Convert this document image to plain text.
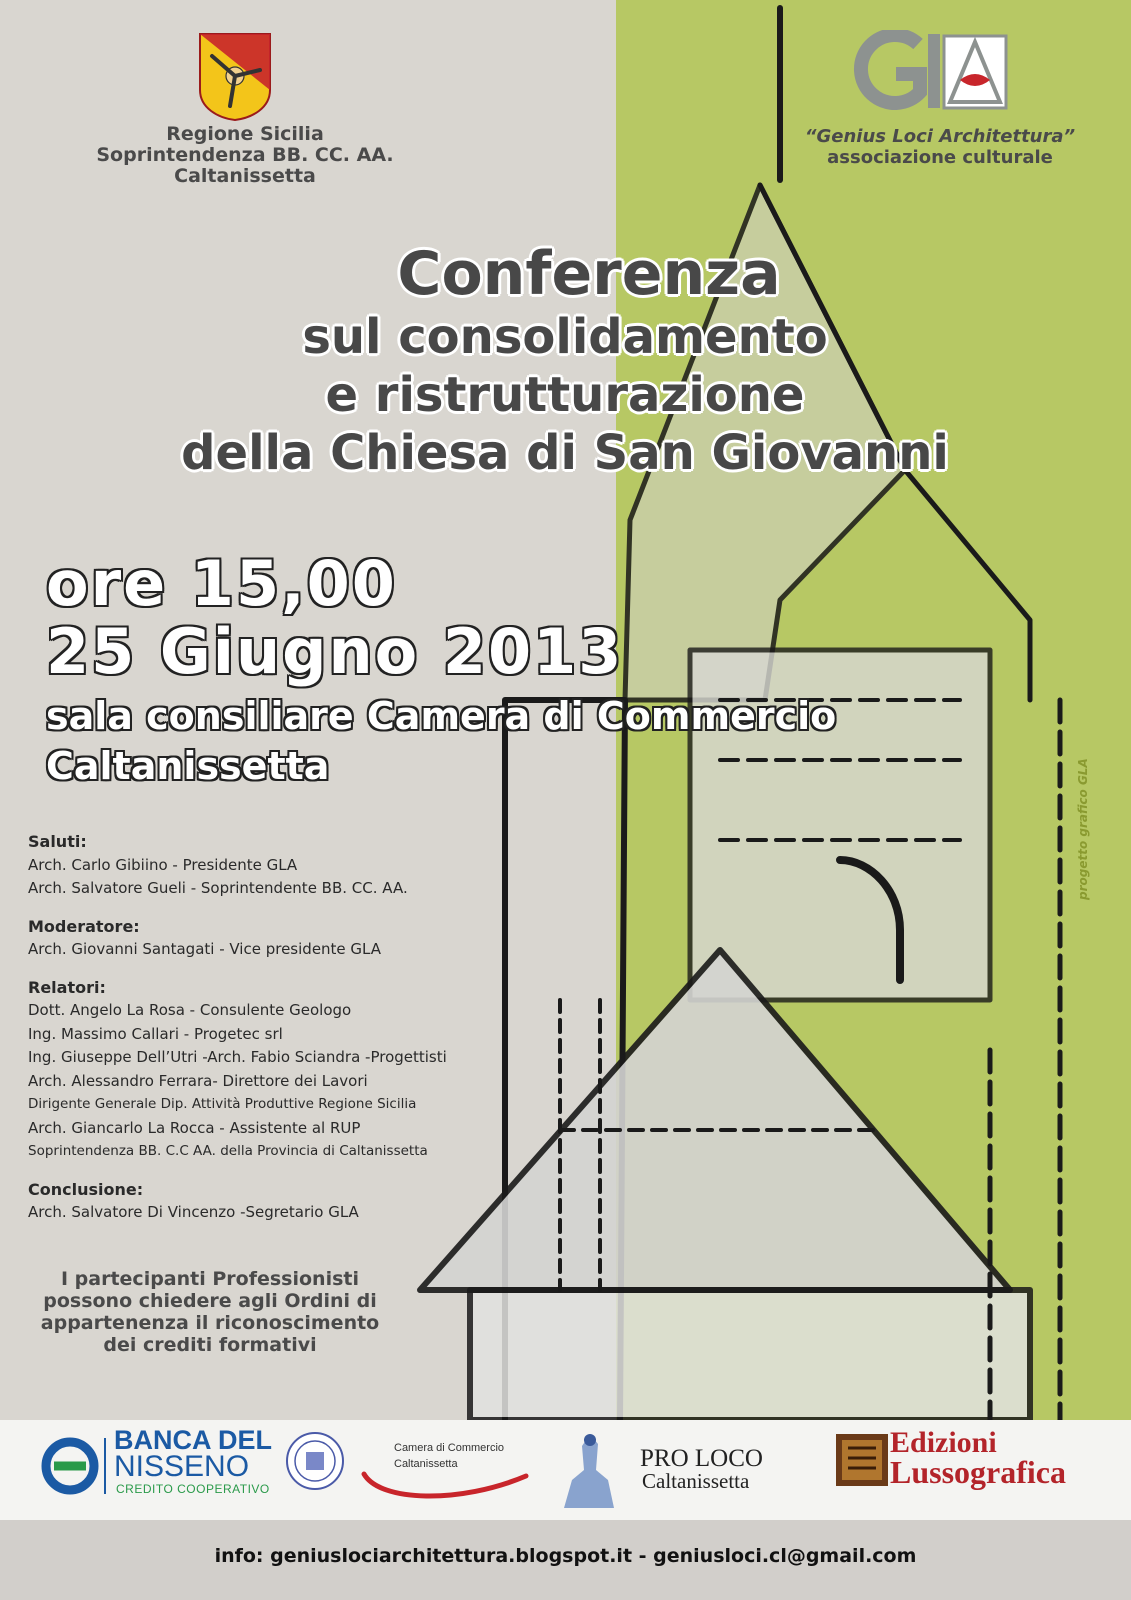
Regione Sicilia
Soprintendenza BB. CC. AA.
Caltanissetta
“Genius Loci Architettura”
associazione culturale
Conferenza
sul consolidamento
e ristrutturazione
della Chiesa di San Giovanni
ore 15,00
25 Giugno 2013
sala consiliare Camera di Commercio
Caltanissetta
Saluti:
Arch. Carlo Gibiino - Presidente GLA
Arch. Salvatore Gueli - Soprintendente BB. CC. AA.
Moderatore:
Arch. Giovanni Santagati - Vice presidente GLA
Relatori:
Dott. Angelo La Rosa - Consulente Geologo
Ing. Massimo Callari - Progetec srl
Ing. Giuseppe Dell’Utri -Arch. Fabio Sciandra -Progettisti
Arch. Alessandro Ferrara- Direttore dei Lavori
Dirigente Generale Dip. Attività Produttive Regione Sicilia
Arch. Giancarlo La Rocca - Assistente al RUP
Soprintendenza BB. C.C AA. della Provincia di Caltanissetta
Conclusione:
Arch. Salvatore Di Vincenzo -Segretario GLA
I partecipanti Professionisti
possono chiedere agli Ordini di
appartenenza il riconoscimento
dei crediti formativi
progetto grafico GLA
BANCA DEL
NISSENO
CREDITO COOPERATIVO
Camera di Commercio
Caltanissetta	PRO LOCO
Caltanissetta
Edizioni
Lussografica
info: geniuslociarchitettura.blogspot.it - geniusloci.cl@gmail.com
